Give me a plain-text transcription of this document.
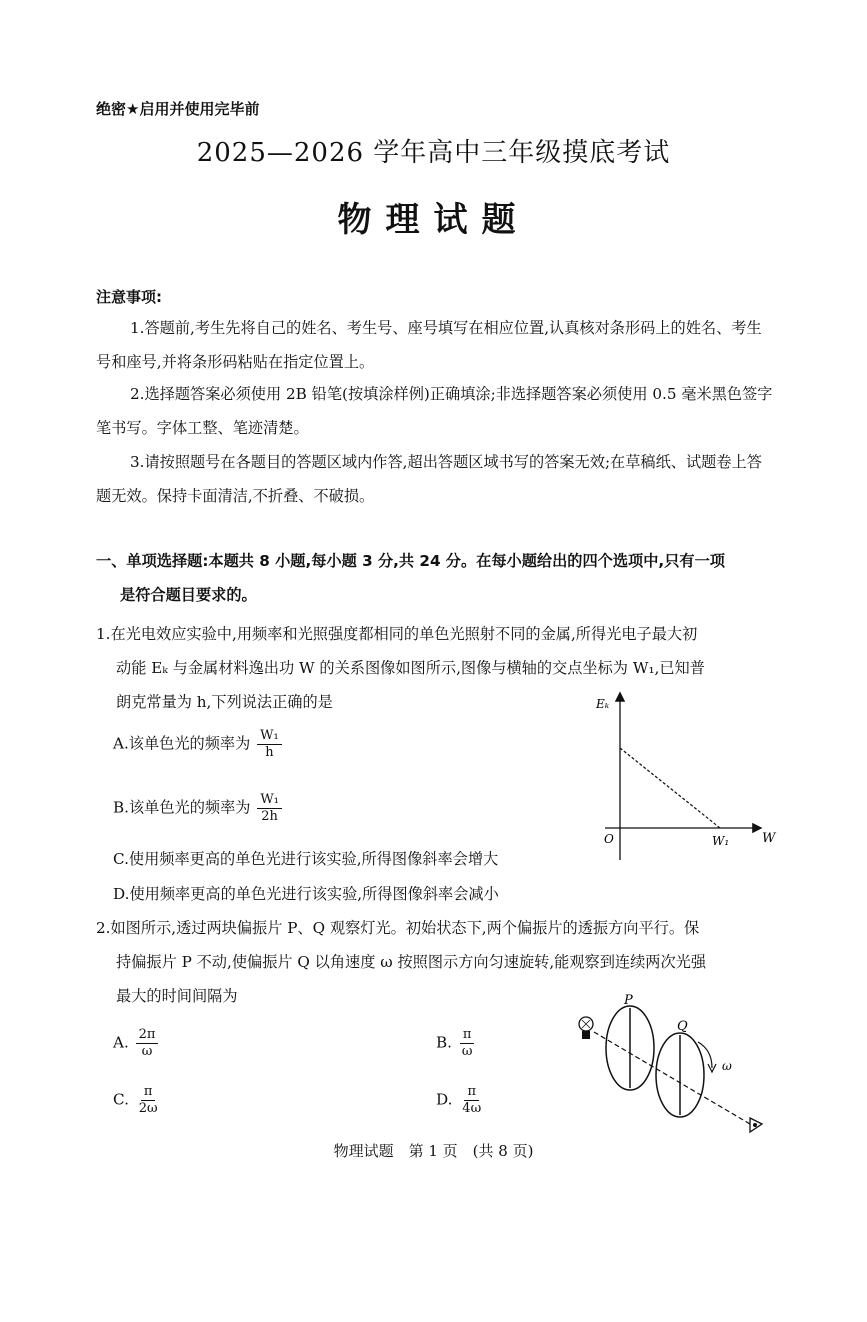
绝密★启用并使用完毕前
2025—2026 学年高中三年级摸底考试
物理试题
注意事项:
1.答题前,考生先将自己的姓名、考生号、座号填写在相应位置,认真核对条形码上的姓名、考生号和座号,并将条形码粘贴在指定位置上。
2.选择题答案必须使用 2B 铅笔(按填涂样例)正确填涂;非选择题答案必须使用 0.5 毫米黑色签字笔书写。字体工整、笔迹清楚。
3.请按照题号在各题目的答题区域内作答,超出答题区域书写的答案无效;在草稿纸、试题卷上答题无效。保持卡面清洁,不折叠、不破损。
一、单项选择题:本题共 8 小题,每小题 3 分,共 24 分。在每小题给出的四个选项中,只有一项
是符合题目要求的。
1.在光电效应实验中,用频率和光照强度都相同的单色光照射不同的金属,所得光电子最大初
动能 Eₖ 与金属材料逸出功 W 的关系图像如图所示,图像与横轴的交点坐标为 W₁,已知普
朗克常量为 h,下列说法正确的是
A.该单色光的频率为 $\frac{\text{W₁}}{h}$
B.该单色光的频率为 $\frac{\text{W₁}}{2h}$
C.使用频率更高的单色光进行该实验,所得图像斜率会增大
D.使用频率更高的单色光进行该实验,所得图像斜率会减小
Eₖ
W
O	W₁
2.如图所示,透过两块偏振片 P、Q 观察灯光。初始状态下,两个偏振片的透振方向平行。保
持偏振片 P 不动,使偏振片 Q 以角速度 ω 按照图示方向匀速旋转,能观察到连续两次光强
最大的时间间隔为
A. $\frac{2\pi}{\omega}$	B. $\frac{\pi}{\omega}$
C. $\frac{\pi}{2\omega}$	D. $\frac{\pi}{4\omega}$
P
Q
ω
物理试题　第 1 页　(共 8 页)
